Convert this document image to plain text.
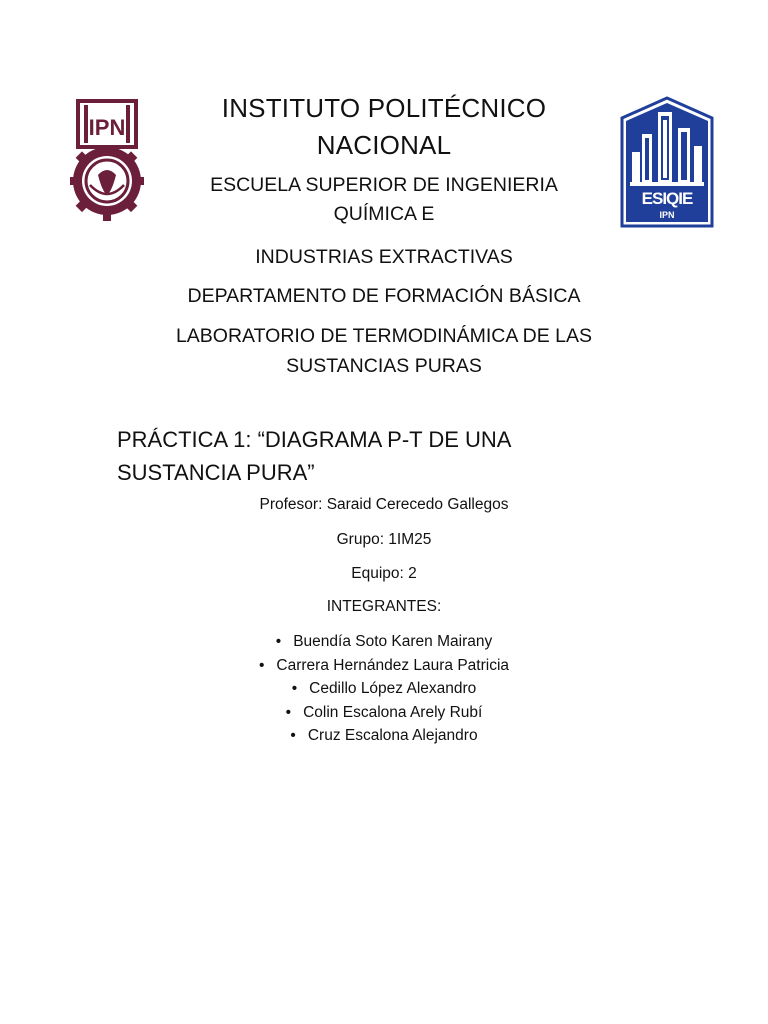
IPN
ESIQIE
IPN
INSTITUTO POLITÉCNICO
NACIONAL
ESCUELA SUPERIOR DE INGENIERIA
QUÍMICA E
INDUSTRIAS EXTRACTIVAS
DEPARTAMENTO DE FORMACIÓN BÁSICA
LABORATORIO DE TERMODINÁMICA DE LAS
SUSTANCIAS PURAS
PRÁCTICA 1: “DIAGRAMA P-T DE UNA
SUSTANCIA PURA”
Profesor: Saraid Cerecedo Gallegos
Grupo: 1IM25
Equipo: 2
INTEGRANTES:
• Buendía Soto Karen Mairany
• Carrera Hernández Laura Patricia
• Cedillo López Alexandro
• Colin Escalona Arely Rubí
• Cruz Escalona Alejandro
